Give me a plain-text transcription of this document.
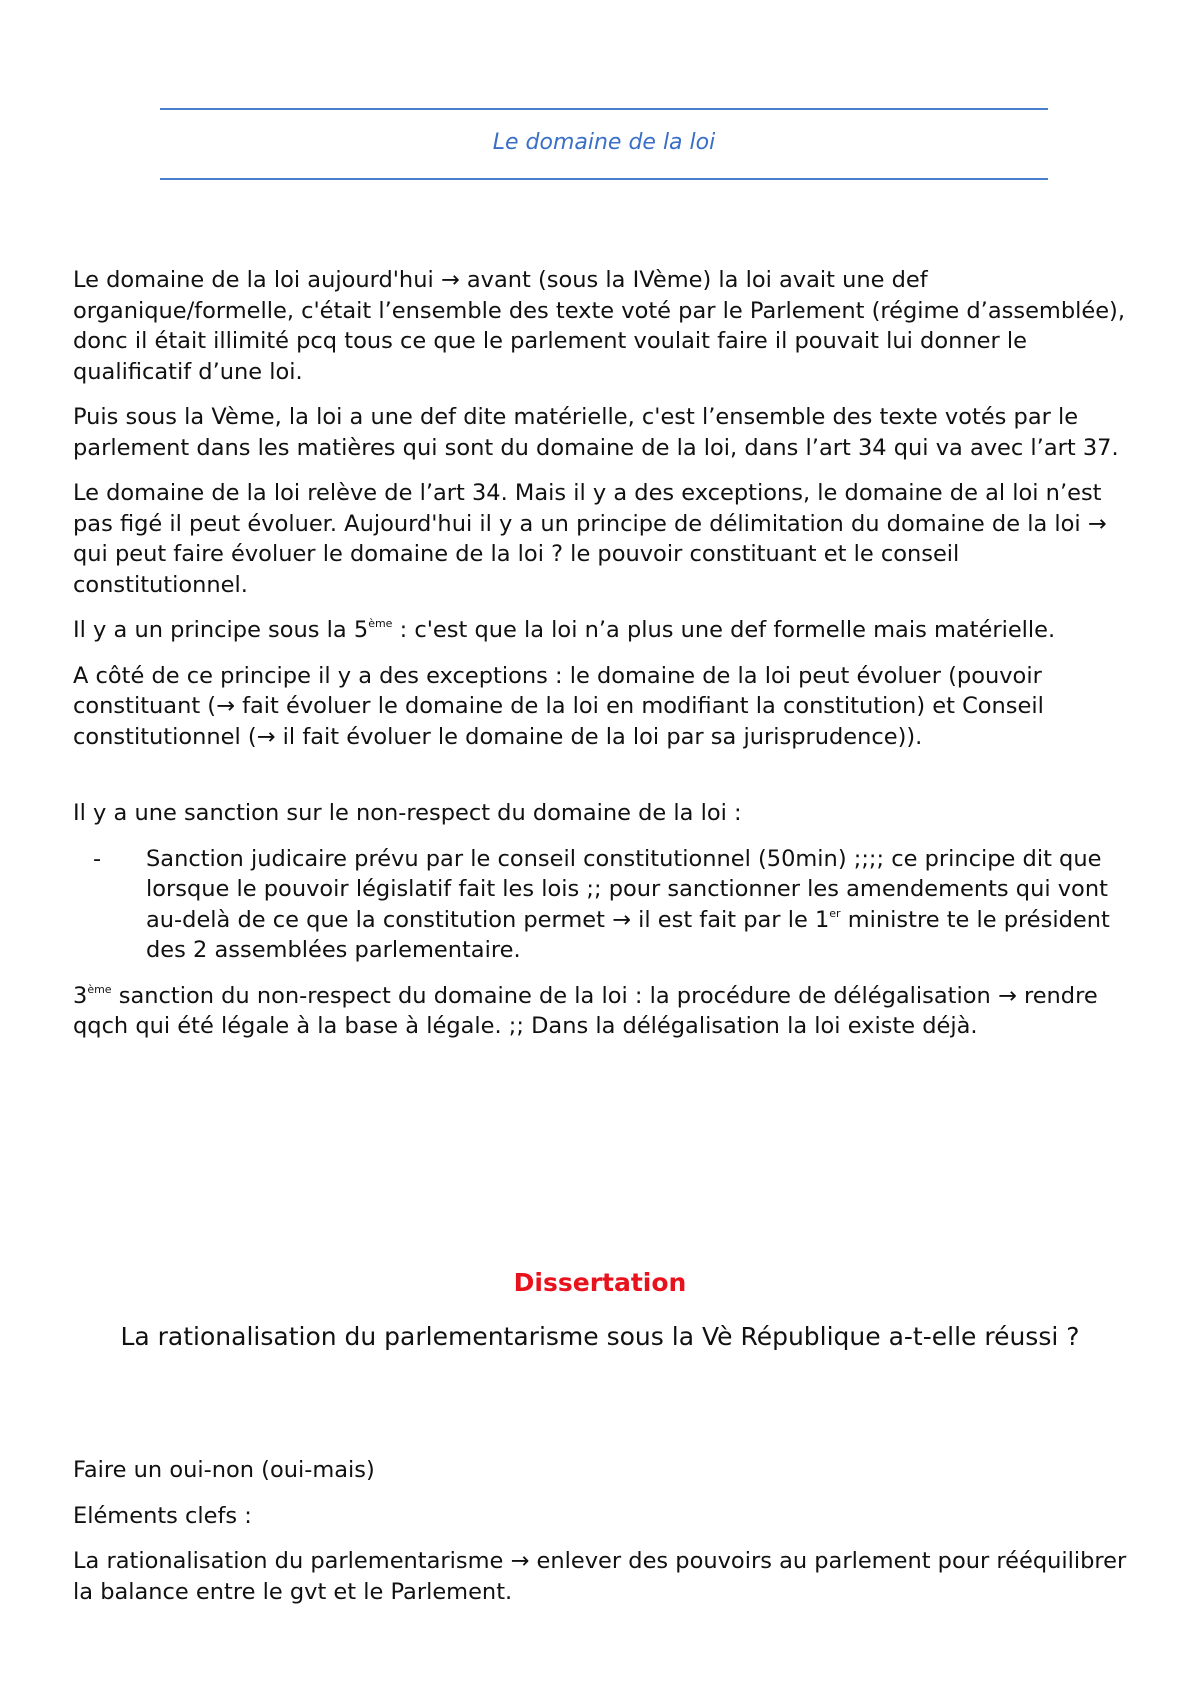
Le domaine de la loi

Le domaine de la loi aujourd'hui → avant (sous la IVème) la loi avait une def organique/formelle, c'était l’ensemble des texte voté par le Parlement (régime d’assemblée), donc il était illimité pcq tous ce que le parlement voulait faire il pouvait lui donner le qualificatif d’une loi.

Puis sous la Vème, la loi a une def dite matérielle, c'est l’ensemble des texte votés par le parlement dans les matières qui sont du domaine de la loi, dans l’art 34 qui va avec l’art 37.

Le domaine de la loi relève de l’art 34. Mais il y a des exceptions, le domaine de al loi n’est pas figé il peut évoluer. Aujourd'hui il y a un principe de délimitation du domaine de la loi → qui peut faire évoluer le domaine de la loi ? le pouvoir constituant et le conseil constitutionnel.

Il y a un principe sous la 5ème : c'est que la loi n’a plus une def formelle mais matérielle.

A côté de ce principe il y a des exceptions : le domaine de la loi peut évoluer (pouvoir constituant (→ fait évoluer le domaine de la loi en modifiant la constitution) et Conseil constitutionnel (→ il fait évoluer le domaine de la loi par sa jurisprudence)).

Il y a une sanction sur le non-respect du domaine de la loi :

- Sanction judicaire prévu par le conseil constitutionnel (50min) ;;;; ce principe dit que lorsque le pouvoir législatif fait les lois ;; pour sanctionner les amendements qui vont au-delà de ce que la constitution permet → il est fait par le 1er ministre te le président des 2 assemblées parlementaire.

3ème sanction du non-respect du domaine de la loi : la procédure de délégalisation → rendre qqch qui été légale à la base à légale. ;; Dans la délégalisation la loi existe déjà.

Dissertation
La rationalisation du parlementarisme sous la Vè République a-t-elle réussi ?

Faire un oui-non (oui-mais)

Eléments clefs :

La rationalisation du parlementarisme → enlever des pouvoirs au parlement pour rééquilibrer la balance entre le gvt et le Parlement.
